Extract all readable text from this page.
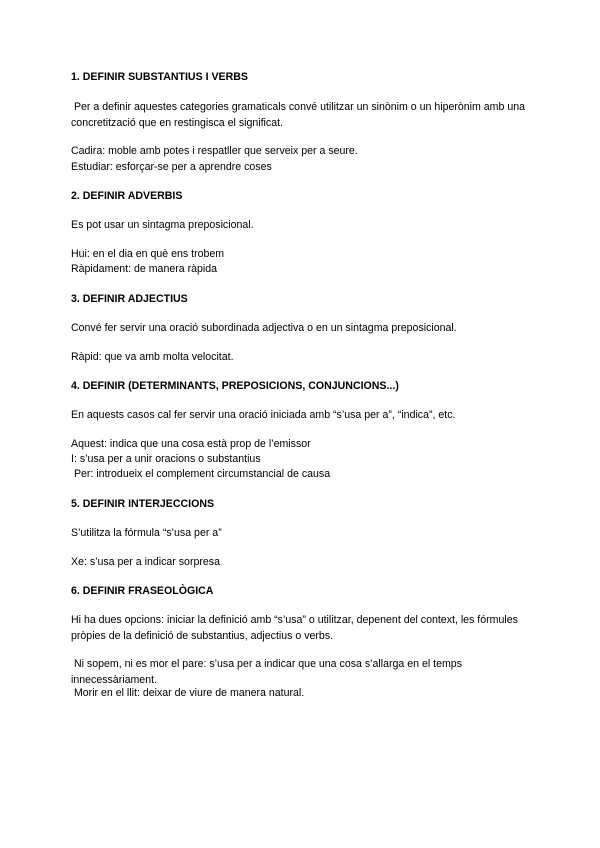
1. DEFINIR SUBSTANTIUS I VERBS
Per a definir aquestes categories gramaticals convé utilitzar un sinònim o un hiperònim amb una concretització que en restingisca el significat.
Cadira: moble amb potes i respatller que serveix per a seure.
Estudiar: esforçar-se per a aprendre coses
2. DEFINIR ADVERBIS
Es pot usar un sintagma preposicional.
Hui: en el dia en què ens trobem
Ràpidament: de manera ràpida
3. DEFINIR ADJECTIUS
Convé fer servir una oració subordinada adjectiva o en un sintagma preposicional.
Ràpid: que va amb molta velocitat.
4. DEFINIR (DETERMINANTS, PREPOSICIONS, CONJUNCIONS...)
En aquests casos cal fer servir una oració iniciada amb “s’usa per a”, “indica”, etc.
Aquest: indica que una cosa està prop de l’emissor
I: s’usa per a unir oracions o substantius
Per: introdueix el complement circumstancial de causa
5. DEFINIR INTERJECCIONS
S’utilitza la fórmula “s’usa per a”
Xe: s’usa per a indicar sorpresa
6. DEFINIR FRASEOLÒGICA
Hi ha dues opcions: iniciar la definició amb “s’usa” o utilitzar, depenent del context, les fórmules pròpies de la definició de substantius, adjectius o verbs.
Ni sopem, ni es mor el pare: s’usa per a indicar que una cosa s’allarga en el temps innecessàriament.
Morir en el llit: deixar de viure de manera natural.
